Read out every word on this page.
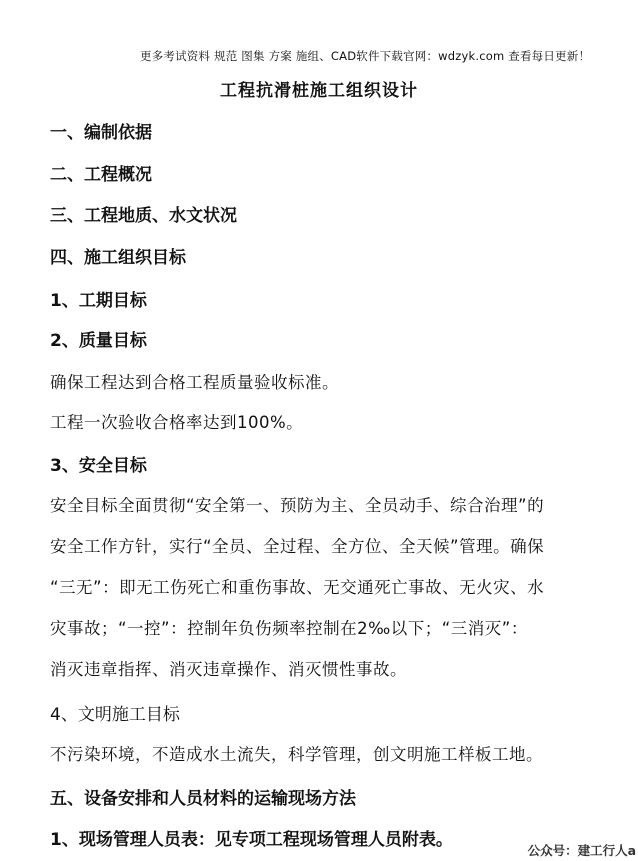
更多考试资料 规范 图集 方案 施组、CAD软件下载官网：wdzyk.com 查看每日更新！
工程抗滑桩施工组织设计
一、编制依据
二、工程概况
三、工程地质、水文状况
四、施工组织目标
1、工期目标
2、质量目标
确保工程达到合格工程质量验收标准。
工程一次验收合格率达到100%。
3、安全目标
安全目标全面贯彻“安全第一、预防为主、全员动手、综合治理”的
安全工作方针，实行“全员、全过程、全方位、全天候”管理。确保
“三无”：即无工伤死亡和重伤事故、无交通死亡事故、无火灾、水
灾事故；“一控”：控制年负伤频率控制在2‰以下；“三消灭”：
消灭违章指挥、消灭违章操作、消灭惯性事故。
4、文明施工目标
不污染环境，不造成水土流失，科学管理，创文明施工样板工地。
五、设备安排和人员材料的运输现场方法
1、现场管理人员表：见专项工程现场管理人员附表。
公众号：建工行人a
